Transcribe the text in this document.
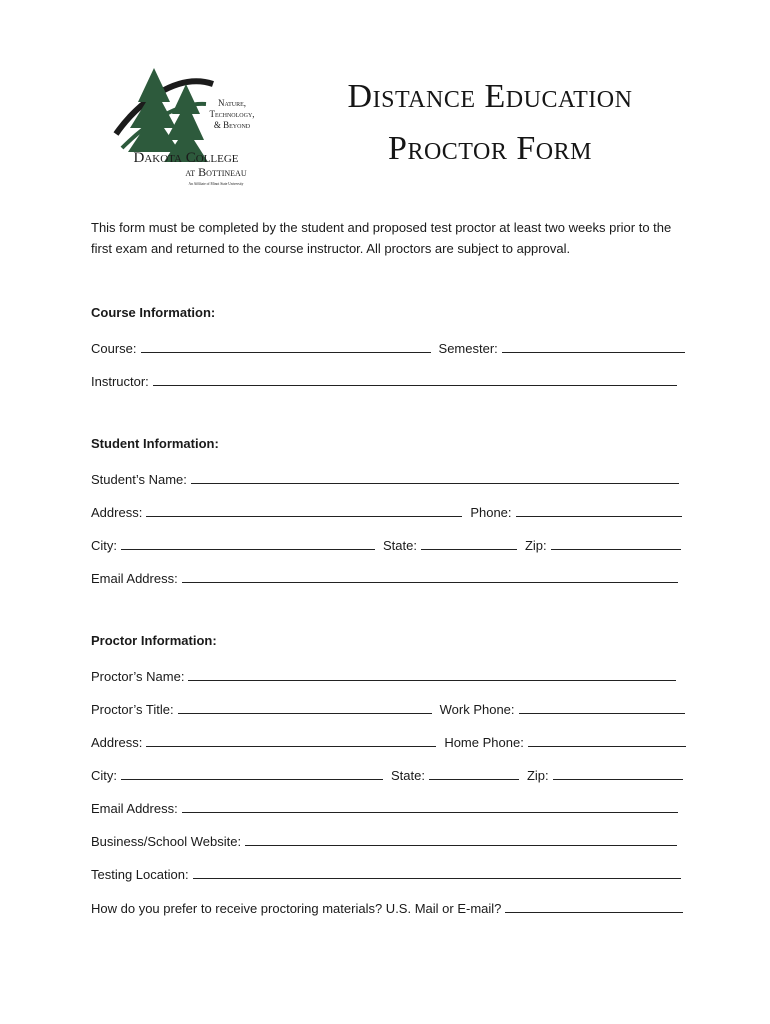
Nature,
Technology,
& Beyond
Dakota College
at Bottineau
An Affiliate of Minot State University
Distance Education
Proctor Form
This form must be completed by the student and proposed test proctor at least two weeks prior to the first exam and returned to the course instructor. All proctors are subject to approval.
Course Information:
Course:	Semester:
Instructor:
Student Information:
Student’s Name:
Address:	Phone:
City:	State:	Zip:
Email Address:
Proctor Information:
Proctor’s Name:
Proctor’s Title:	Work Phone:
Address:	Home Phone:
City:	State:	Zip:
Email Address:
Business/School Website:
Testing Location:
How do you prefer to receive proctoring materials? U.S. Mail or E-mail?
